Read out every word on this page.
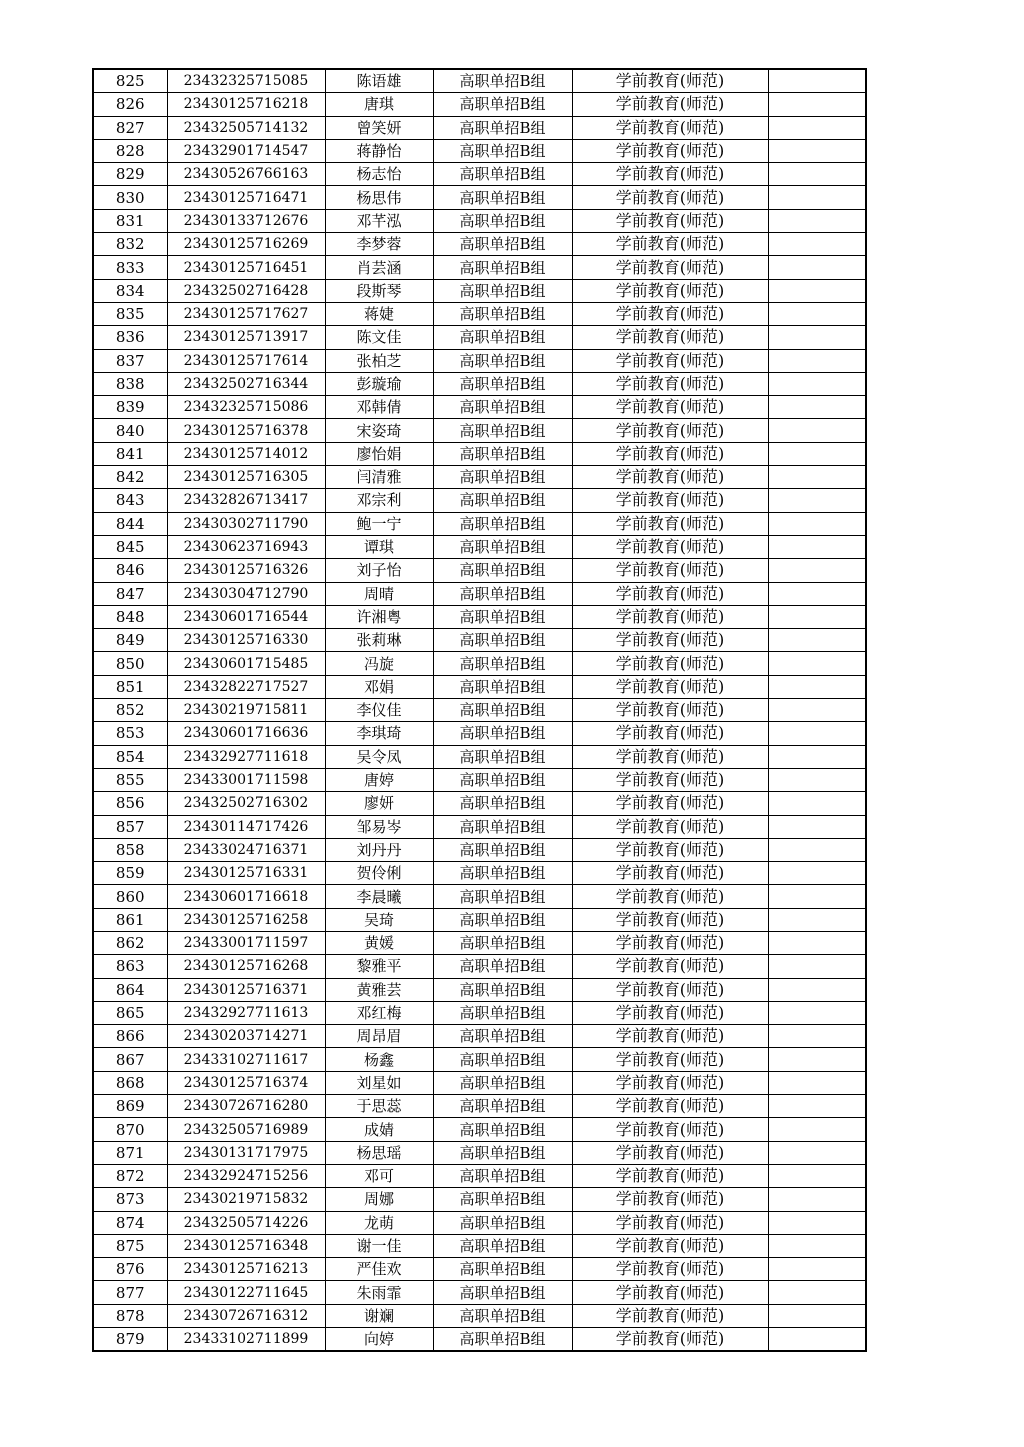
825	23432325715085	陈语雄	高职单招B组	学前教育(师范)	
826	23430125716218	唐琪	高职单招B组	学前教育(师范)	
827	23432505714132	曾笑妍	高职单招B组	学前教育(师范)	
828	23432901714547	蒋静怡	高职单招B组	学前教育(师范)	
829	23430526766163	杨志怡	高职单招B组	学前教育(师范)	
830	23430125716471	杨思伟	高职单招B组	学前教育(师范)	
831	23430133712676	邓芊泓	高职单招B组	学前教育(师范)	
832	23430125716269	李梦蓉	高职单招B组	学前教育(师范)	
833	23430125716451	肖芸涵	高职单招B组	学前教育(师范)	
834	23432502716428	段斯琴	高职单招B组	学前教育(师范)	
835	23430125717627	蒋婕	高职单招B组	学前教育(师范)	
836	23430125713917	陈文佳	高职单招B组	学前教育(师范)	
837	23430125717614	张柏芝	高职单招B组	学前教育(师范)	
838	23432502716344	彭璇瑜	高职单招B组	学前教育(师范)	
839	23432325715086	邓韩倩	高职单招B组	学前教育(师范)	
840	23430125716378	宋姿琦	高职单招B组	学前教育(师范)	
841	23430125714012	廖怡娟	高职单招B组	学前教育(师范)	
842	23430125716305	闫清雅	高职单招B组	学前教育(师范)	
843	23432826713417	邓宗利	高职单招B组	学前教育(师范)	
844	23430302711790	鲍一宁	高职单招B组	学前教育(师范)	
845	23430623716943	谭琪	高职单招B组	学前教育(师范)	
846	23430125716326	刘子怡	高职单招B组	学前教育(师范)	
847	23430304712790	周晴	高职单招B组	学前教育(师范)	
848	23430601716544	许湘粤	高职单招B组	学前教育(师范)	
849	23430125716330	张莉琳	高职单招B组	学前教育(师范)	
850	23430601715485	冯旋	高职单招B组	学前教育(师范)	
851	23432822717527	邓娟	高职单招B组	学前教育(师范)	
852	23430219715811	李仪佳	高职单招B组	学前教育(师范)	
853	23430601716636	李琪琦	高职单招B组	学前教育(师范)	
854	23432927711618	吴令凤	高职单招B组	学前教育(师范)	
855	23433001711598	唐婷	高职单招B组	学前教育(师范)	
856	23432502716302	廖妍	高职单招B组	学前教育(师范)	
857	23430114717426	邹易岑	高职单招B组	学前教育(师范)	
858	23433024716371	刘丹丹	高职单招B组	学前教育(师范)	
859	23430125716331	贺伶俐	高职单招B组	学前教育(师范)	
860	23430601716618	李晨曦	高职单招B组	学前教育(师范)	
861	23430125716258	吴琦	高职单招B组	学前教育(师范)	
862	23433001711597	黄媛	高职单招B组	学前教育(师范)	
863	23430125716268	黎雅平	高职单招B组	学前教育(师范)	
864	23430125716371	黄雅芸	高职单招B组	学前教育(师范)	
865	23432927711613	邓红梅	高职单招B组	学前教育(师范)	
866	23430203714271	周昂眉	高职单招B组	学前教育(师范)	
867	23433102711617	杨鑫	高职单招B组	学前教育(师范)	
868	23430125716374	刘星如	高职单招B组	学前教育(师范)	
869	23430726716280	于思蕊	高职单招B组	学前教育(师范)	
870	23432505716989	成婧	高职单招B组	学前教育(师范)	
871	23430131717975	杨思瑶	高职单招B组	学前教育(师范)	
872	23432924715256	邓可	高职单招B组	学前教育(师范)	
873	23430219715832	周娜	高职单招B组	学前教育(师范)	
874	23432505714226	龙萌	高职单招B组	学前教育(师范)	
875	23430125716348	谢一佳	高职单招B组	学前教育(师范)	
876	23430125716213	严佳欢	高职单招B组	学前教育(师范)	
877	23430122711645	朱雨霏	高职单招B组	学前教育(师范)	
878	23430726716312	谢斓	高职单招B组	学前教育(师范)	
879	23433102711899	向婷	高职单招B组	学前教育(师范)	
